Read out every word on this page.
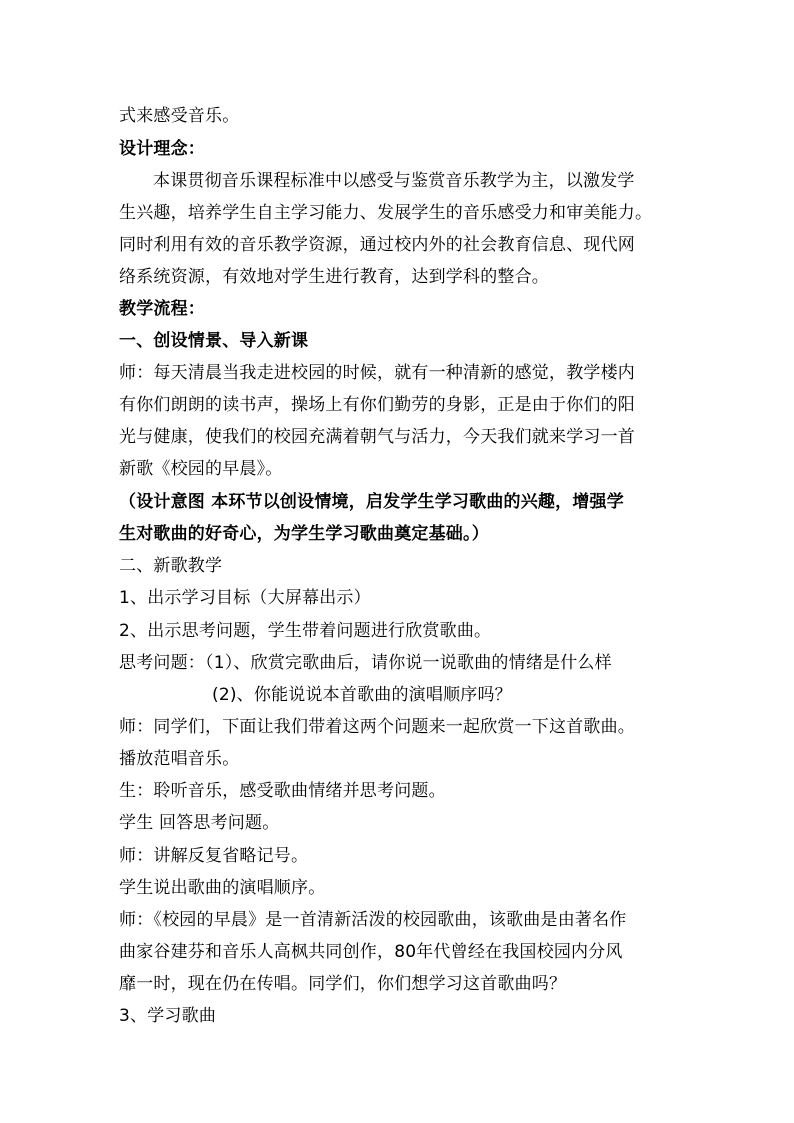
式来感受音乐。
设计理念：
本课贯彻音乐课程标准中以感受与鉴赏音乐教学为主，以激发学
生兴趣，培养学生自主学习能力、发展学生的音乐感受力和审美能力。
同时利用有效的音乐教学资源，通过校内外的社会教育信息、现代网
络系统资源，有效地对学生进行教育，达到学科的整合。
教学流程：
一、创设情景、导入新课
师：每天清晨当我走进校园的时候，就有一种清新的感觉，教学楼内
有你们朗朗的读书声，操场上有你们勤劳的身影，正是由于你们的阳
光与健康，使我们的校园充满着朝气与活力，今天我们就来学习一首
新歌《校园的早晨》。
（设计意图 本环节以创设情境，启发学生学习歌曲的兴趣，增强学
生对歌曲的好奇心，为学生学习歌曲奠定基础。）
二、新歌教学
1、出示学习目标（大屏幕出示）
2、出示思考问题，学生带着问题进行欣赏歌曲。
思考问题：（1）、欣赏完歌曲后，请你说一说歌曲的情绪是什么样
(2)、你能说说本首歌曲的演唱顺序吗？
师：同学们，下面让我们带着这两个问题来一起欣赏一下这首歌曲。
播放范唱音乐。
生：聆听音乐，感受歌曲情绪并思考问题。
学生 回答思考问题。
师：讲解反复省略记号。
学生说出歌曲的演唱顺序。
师：《校园的早晨》是一首清新活泼的校园歌曲，该歌曲是由著名作
曲家谷建芬和音乐人高枫共同创作，80年代曾经在我国校园内分风
靡一时，现在仍在传唱。同学们，你们想学习这首歌曲吗？
3、学习歌曲
